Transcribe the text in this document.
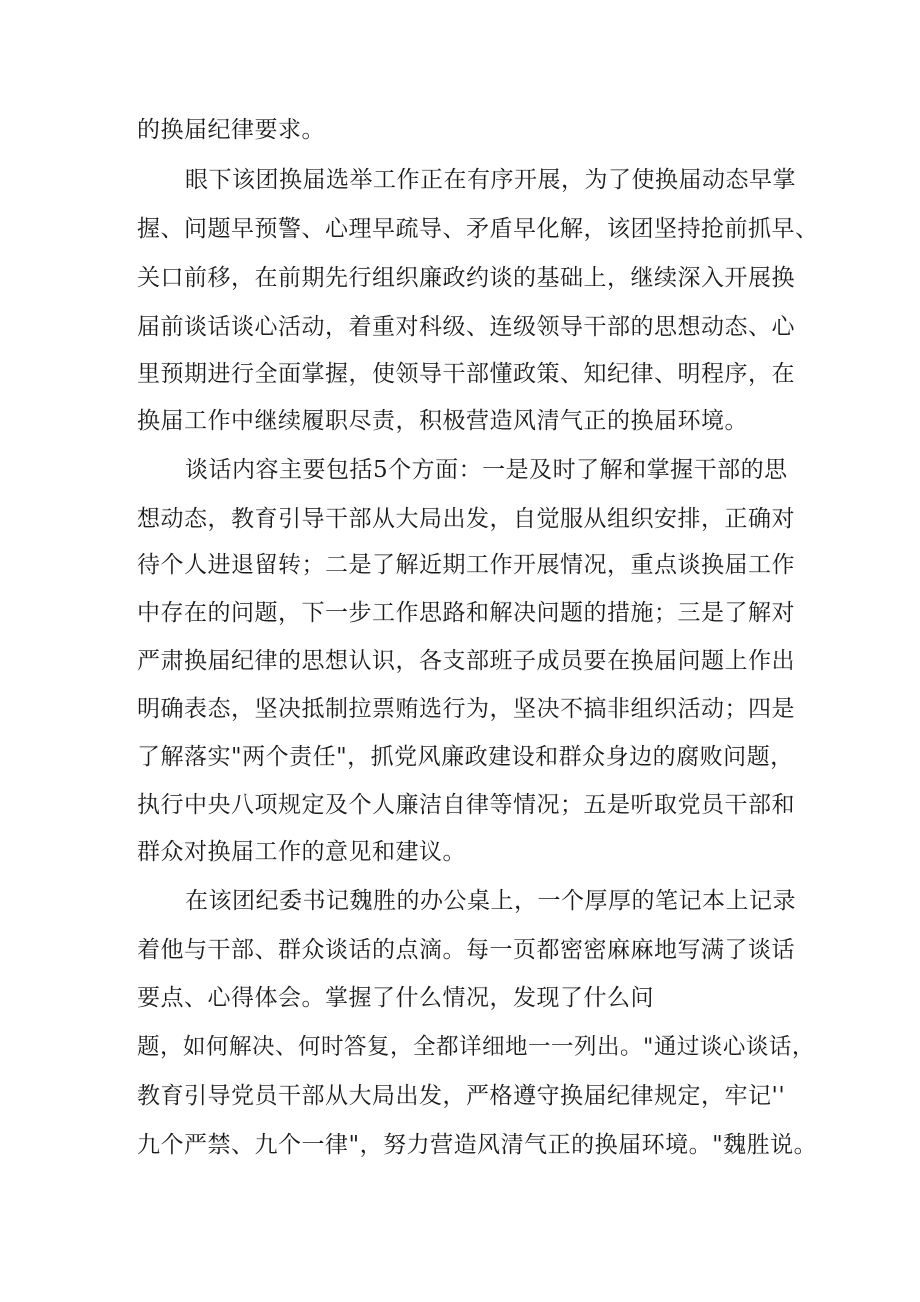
的换届纪律要求。
眼下该团换届选举工作正在有序开展，为了使换届动态早掌
握、问题早预警、心理早疏导、矛盾早化解，该团坚持抢前抓早、
关口前移，在前期先行组织廉政约谈的基础上，继续深入开展换
届前谈话谈心活动，着重对科级、连级领导干部的思想动态、心
里预期进行全面掌握，使领导干部懂政策、知纪律、明程序，在
换届工作中继续履职尽责，积极营造风清气正的换届环境。
谈话内容主要包括5个方面：一是及时了解和掌握干部的思
想动态，教育引导干部从大局出发，自觉服从组织安排，正确对
待个人进退留转；二是了解近期工作开展情况，重点谈换届工作
中存在的问题，下一步工作思路和解决问题的措施；三是了解对
严肃换届纪律的思想认识，各支部班子成员要在换届问题上作出
明确表态，坚决抵制拉票贿选行为，坚决不搞非组织活动；四是
了解落实"两个责任"，抓党风廉政建设和群众身边的腐败问题，
执行中央八项规定及个人廉洁自律等情况；五是听取党员干部和
群众对换届工作的意见和建议。
在该团纪委书记魏胜的办公桌上，一个厚厚的笔记本上记录
着他与干部、群众谈话的点滴。每一页都密密麻麻地写满了谈话
要点、心得体会。掌握了什么情况，发现了什么问
题，如何解决、何时答复，全都详细地一一列出。"通过谈心谈话，
教育引导党员干部从大局出发，严格遵守换届纪律规定，牢记''
九个严禁、九个一律"，努力营造风清气正的换届环境。"魏胜说。
